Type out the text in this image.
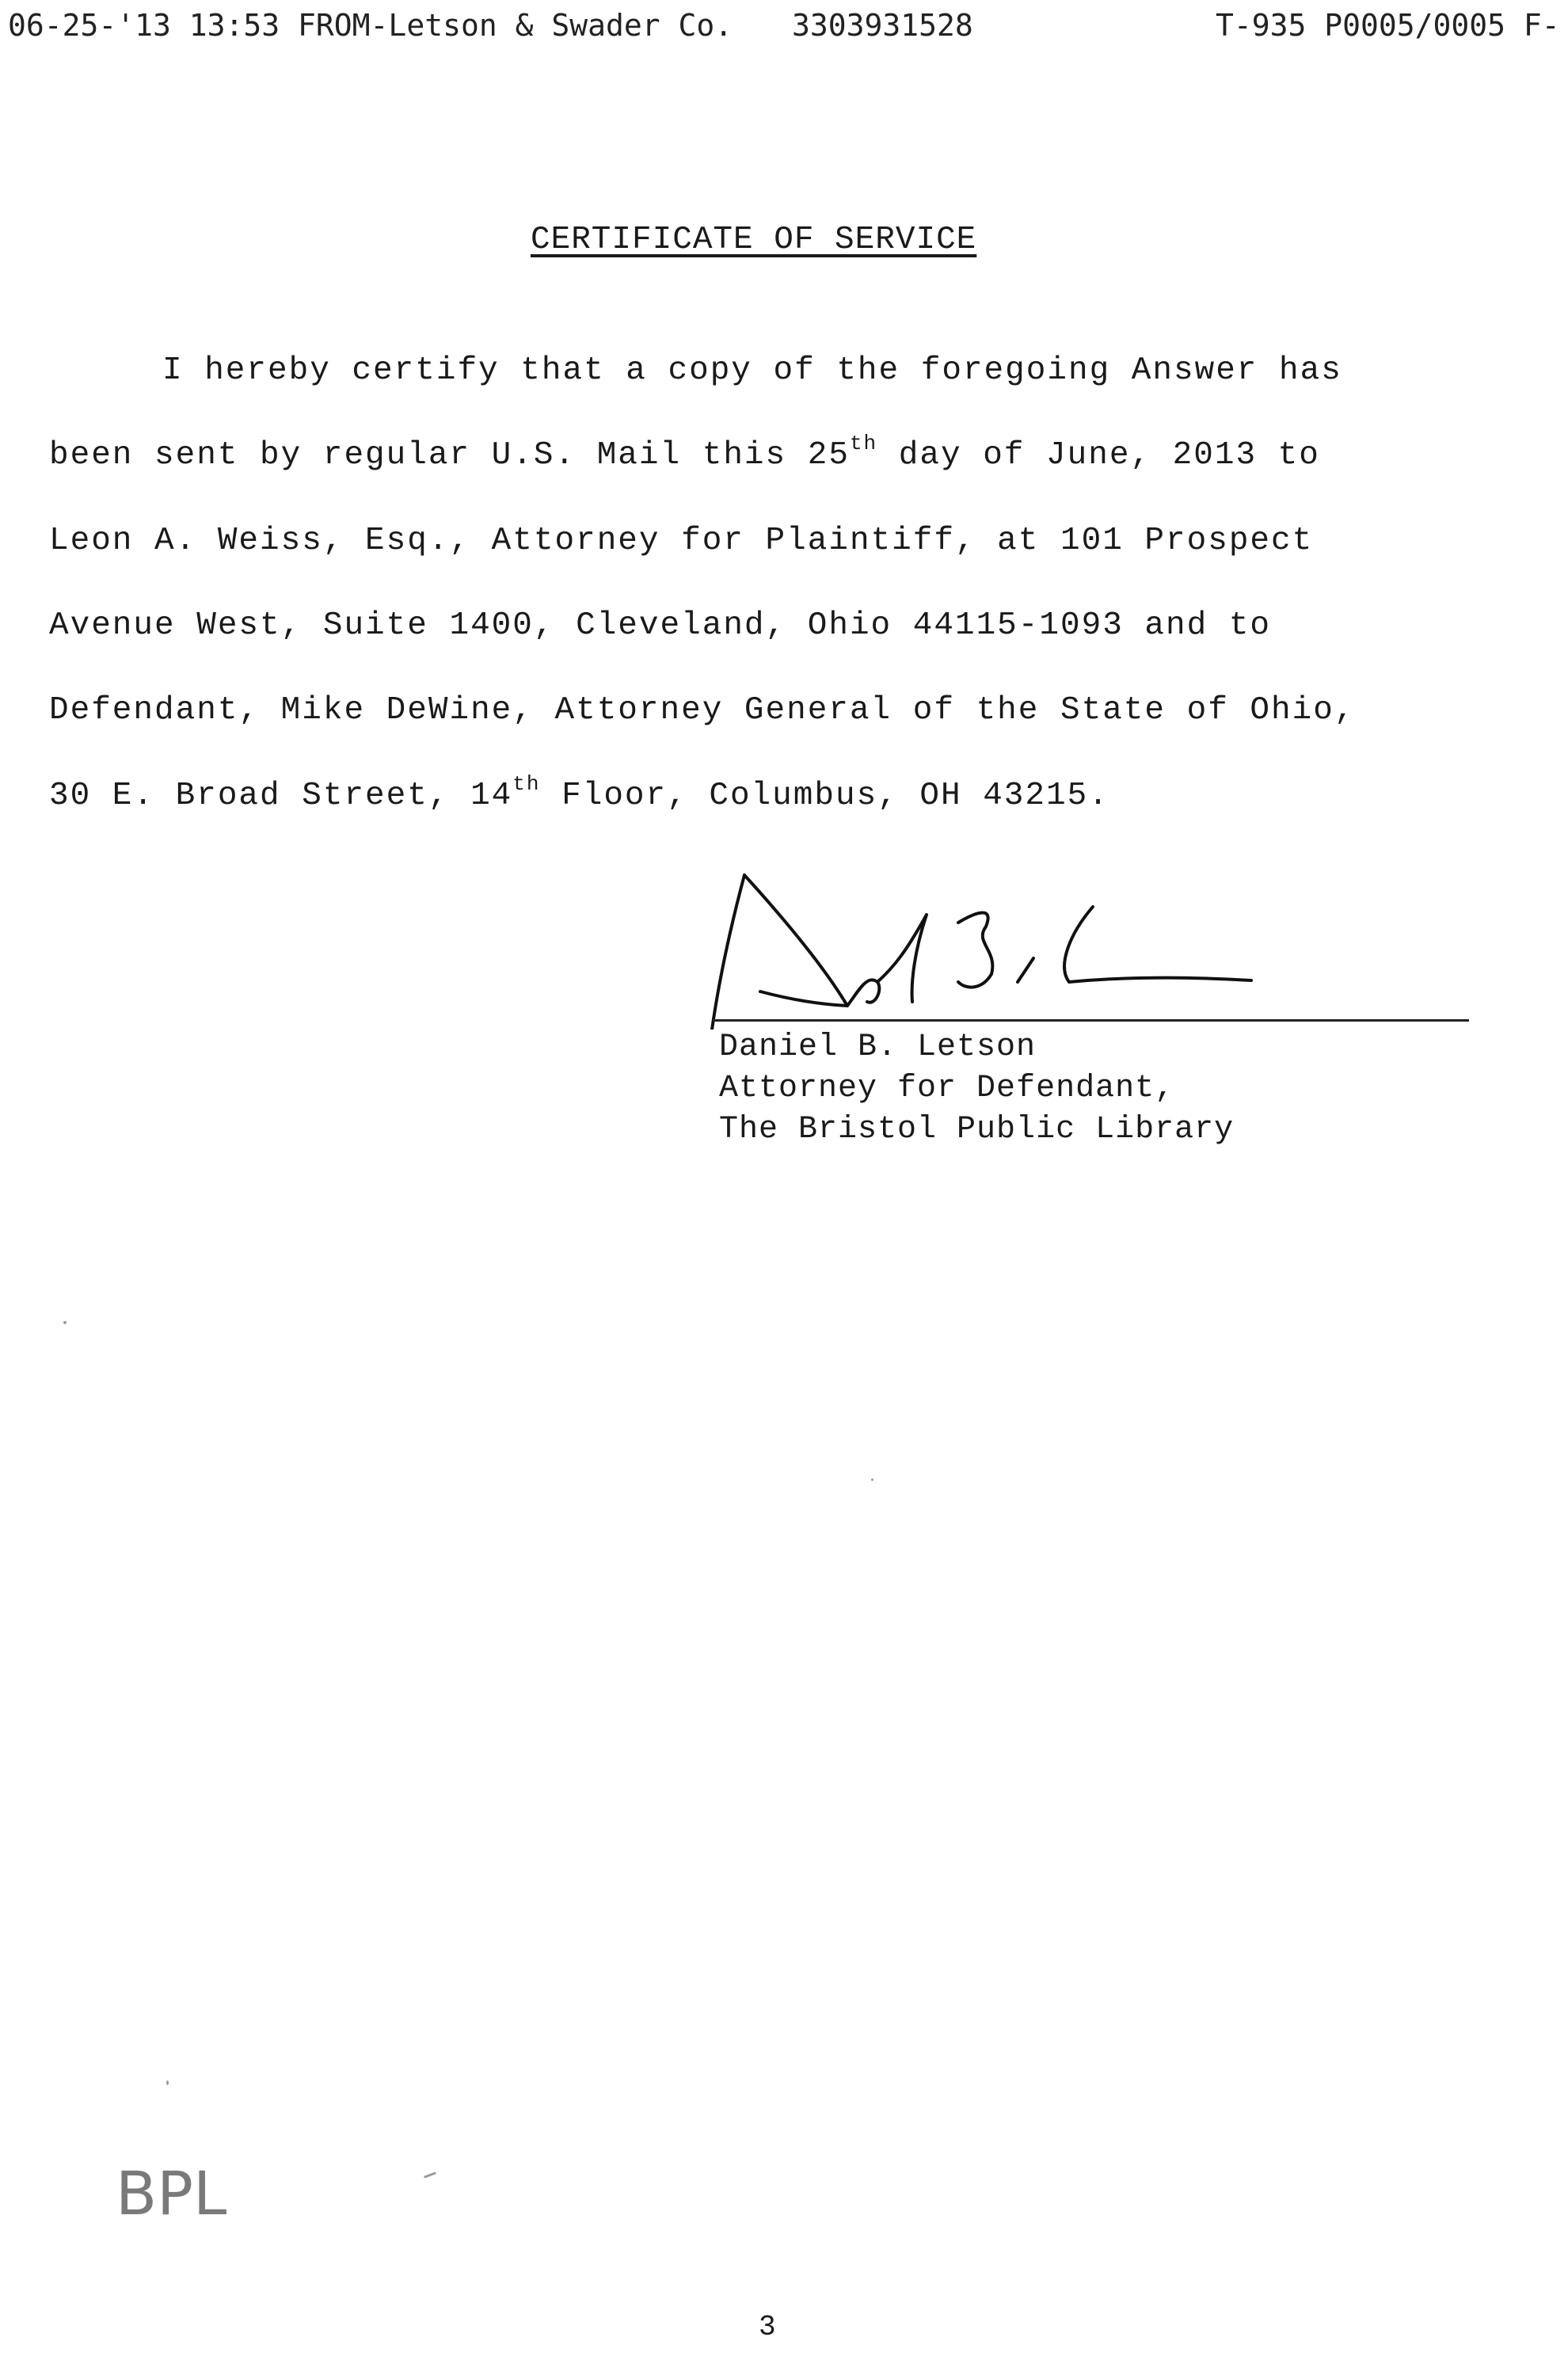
06-25-'13 13:53 FROM-Letson & Swader Co. 3303931528	T-935 P0005/0005 F-
CERTIFICATE OF SERVICE
I hereby certify that a copy of the foregoing Answer has
been sent by regular U.S. Mail this 25th day of June, 2013 to
Leon A. Weiss, Esq., Attorney for Plaintiff, at 101 Prospect
Avenue West, Suite 1400, Cleveland, Ohio 44115-1093 and to
Defendant, Mike DeWine, Attorney General of the State of Ohio,
30 E. Broad Street, 14th Floor, Columbus, OH 43215.
Daniel B. Letson
Attorney for Defendant,
The Bristol Public Library
BPL
3
